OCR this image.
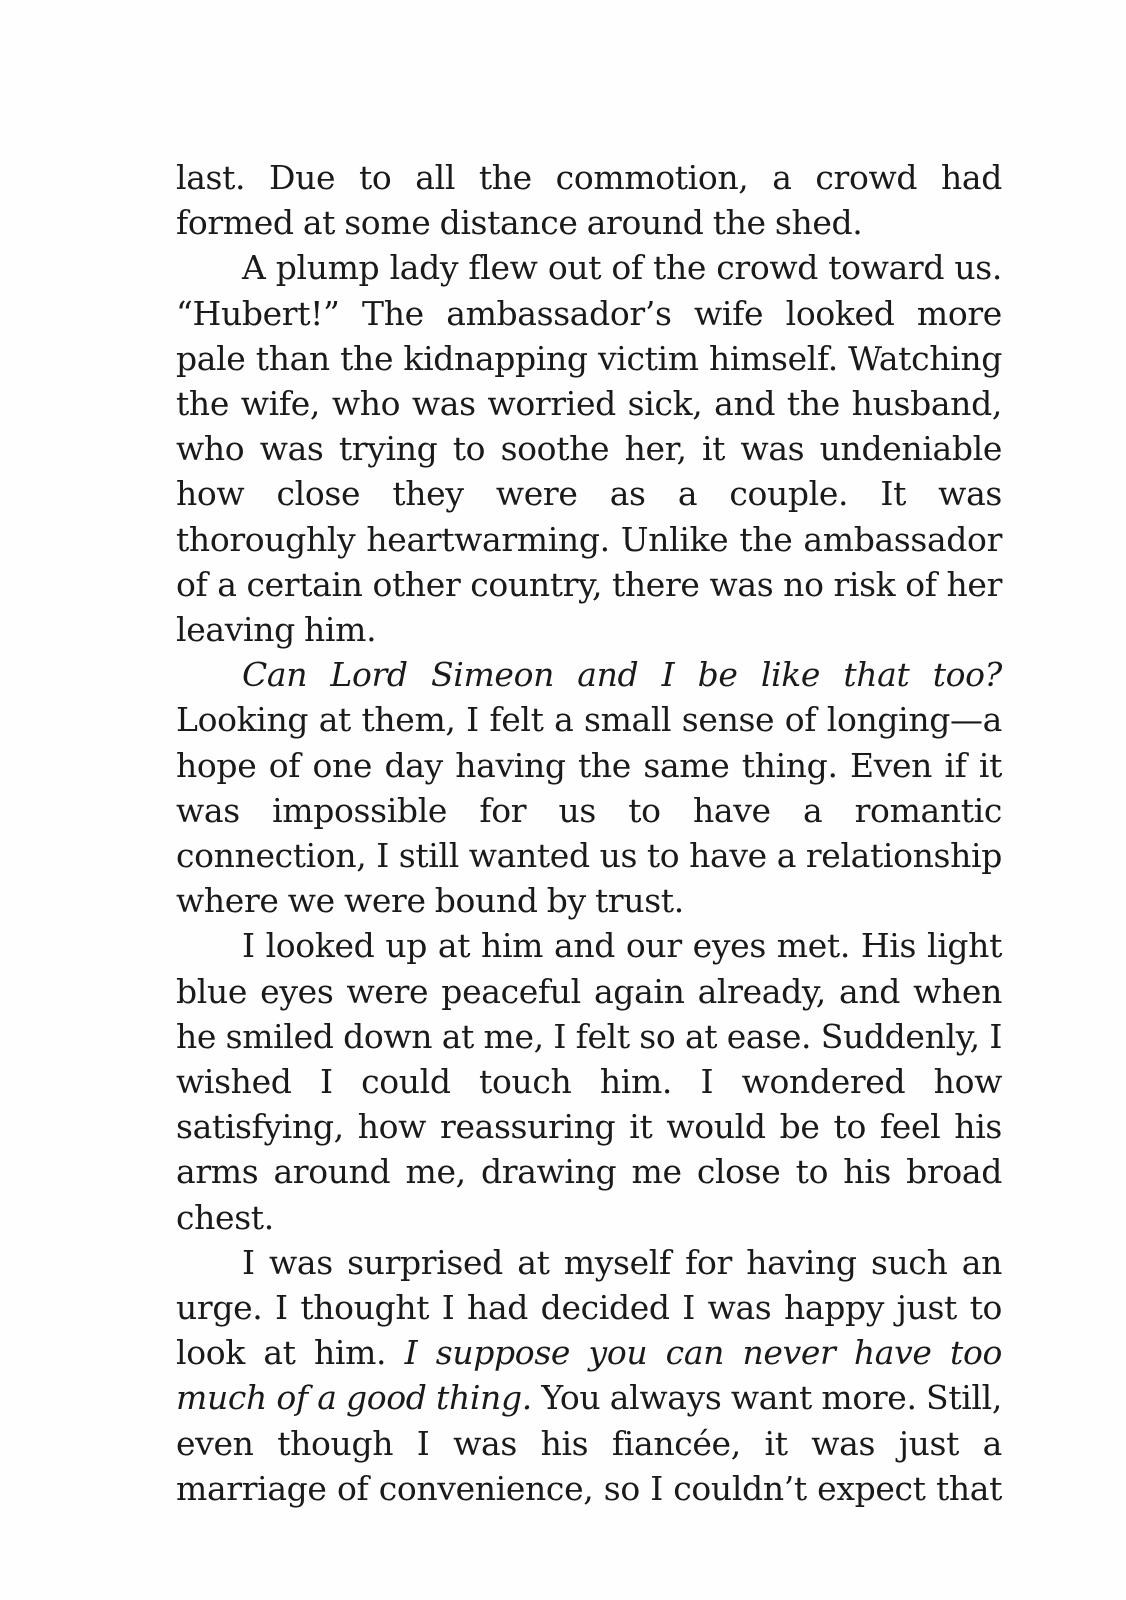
last. Due to all the commotion, a crowd had formed at some distance around the shed.

A plump lady flew out of the crowd toward us. “Hubert!” The ambassador’s wife looked more pale than the kidnapping victim himself. Watching the wife, who was worried sick, and the husband, who was trying to soothe her, it was undeniable how close they were as a couple. It was thoroughly heartwarming. Unlike the ambassador of a certain other country, there was no risk of her leaving him.

Can Lord Simeon and I be like that too? Looking at them, I felt a small sense of longing—a hope of one day having the same thing. Even if it was impossible for us to have a romantic connection, I still wanted us to have a relationship where we were bound by trust.

I looked up at him and our eyes met. His light blue eyes were peaceful again already, and when he smiled down at me, I felt so at ease. Suddenly, I wished I could touch him. I wondered how satisfying, how reassuring it would be to feel his arms around me, drawing me close to his broad chest.

I was surprised at myself for having such an urge. I thought I had decided I was happy just to look at him. I suppose you can never have too much of a good thing. You always want more. Still, even though I was his fiancée, it was just a marriage of convenience, so I couldn’t expect that
